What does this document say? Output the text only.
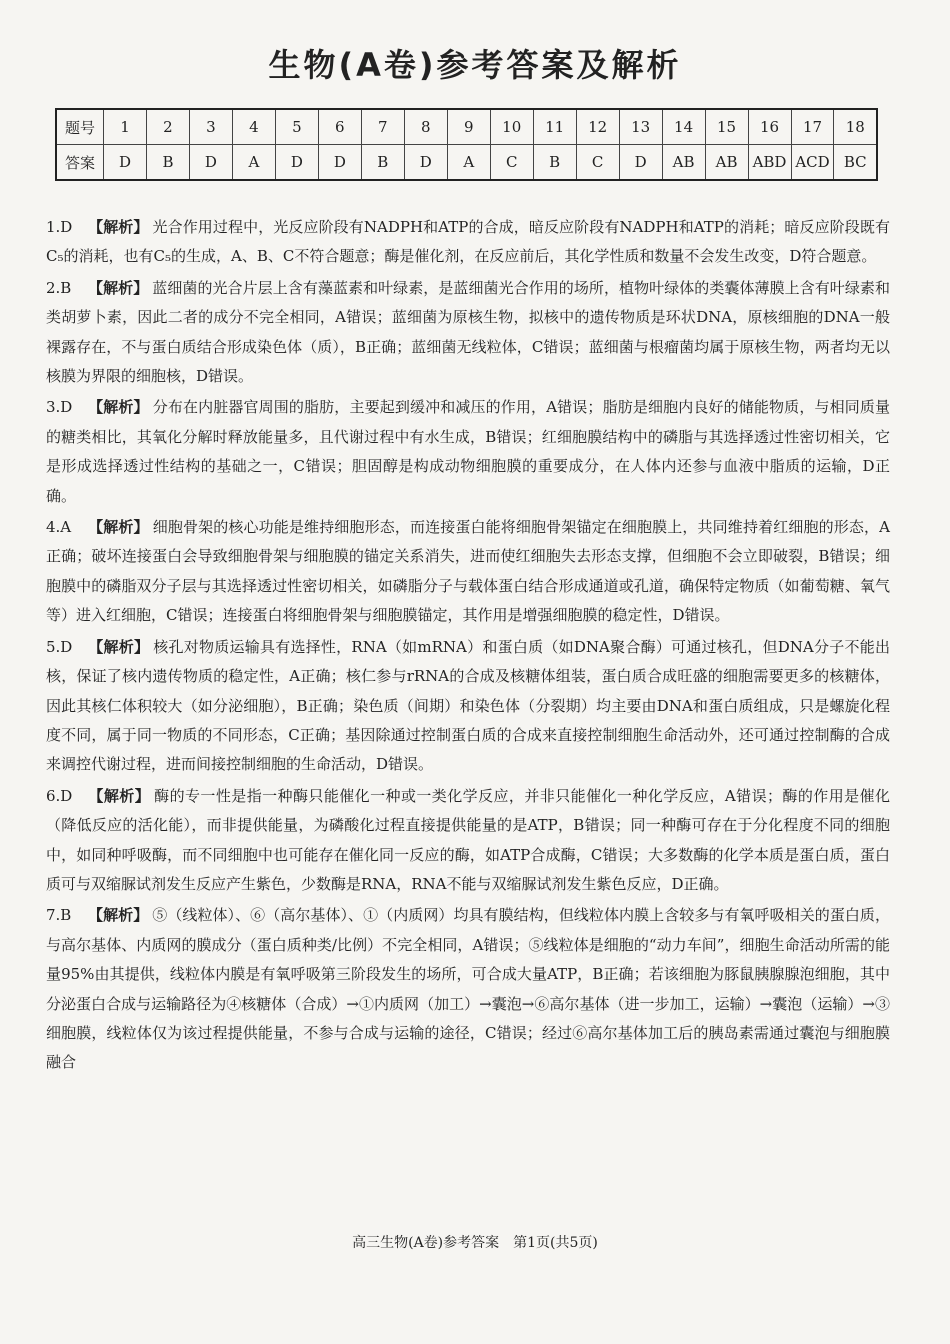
生物(A卷)参考答案及解析
题号	1	2	3	4	5	6	7	8	9	10	11	12	13	14	15	16	17	18
答案	D	B	D	A	D	D	B	D	A	C	B	C	D	AB	AB	ABD	ACD	BC

1.D 【解析】 光合作用过程中，光反应阶段有NADPH和ATP的合成，暗反应阶段有NADPH和ATP的消耗；暗反应阶段既有C₅的消耗，也有C₅的生成，A、B、C不符合题意；酶是催化剂，在反应前后，其化学性质和数量不会发生改变，D符合题意。

2.B 【解析】 蓝细菌的光合片层上含有藻蓝素和叶绿素，是蓝细菌光合作用的场所，植物叶绿体的类囊体薄膜上含有叶绿素和类胡萝卜素，因此二者的成分不完全相同，A错误；蓝细菌为原核生物，拟核中的遗传物质是环状DNA，原核细胞的DNA一般裸露存在，不与蛋白质结合形成染色体（质），B正确；蓝细菌无线粒体，C错误；蓝细菌与根瘤菌均属于原核生物，两者均无以核膜为界限的细胞核，D错误。

3.D 【解析】 分布在内脏器官周围的脂肪，主要起到缓冲和减压的作用，A错误；脂肪是细胞内良好的储能物质，与相同质量的糖类相比，其氧化分解时释放能量多，且代谢过程中有水生成，B错误；红细胞膜结构中的磷脂与其选择透过性密切相关，它是形成选择透过性结构的基础之一，C错误；胆固醇是构成动物细胞膜的重要成分，在人体内还参与血液中脂质的运输，D正确。

4.A 【解析】 细胞骨架的核心功能是维持细胞形态，而连接蛋白能将细胞骨架锚定在细胞膜上，共同维持着红细胞的形态，A正确；破坏连接蛋白会导致细胞骨架与细胞膜的锚定关系消失，进而使红细胞失去形态支撑，但细胞不会立即破裂，B错误；细胞膜中的磷脂双分子层与其选择透过性密切相关，如磷脂分子与载体蛋白结合形成通道或孔道，确保特定物质（如葡萄糖、氧气等）进入红细胞，C错误；连接蛋白将细胞骨架与细胞膜锚定，其作用是增强细胞膜的稳定性，D错误。

5.D 【解析】 核孔对物质运输具有选择性，RNA（如mRNA）和蛋白质（如DNA聚合酶）可通过核孔，但DNA分子不能出核，保证了核内遗传物质的稳定性，A正确；核仁参与rRNA的合成及核糖体组装，蛋白质合成旺盛的细胞需要更多的核糖体，因此其核仁体积较大（如分泌细胞），B正确；染色质（间期）和染色体（分裂期）均主要由DNA和蛋白质组成，只是螺旋化程度不同，属于同一物质的不同形态，C正确；基因除通过控制蛋白质的合成来直接控制细胞生命活动外，还可通过控制酶的合成来调控代谢过程，进而间接控制细胞的生命活动，D错误。

6.D 【解析】 酶的专一性是指一种酶只能催化一种或一类化学反应，并非只能催化一种化学反应，A错误；酶的作用是催化（降低反应的活化能），而非提供能量，为磷酸化过程直接提供能量的是ATP，B错误；同一种酶可存在于分化程度不同的细胞中，如同种呼吸酶，而不同细胞中也可能存在催化同一反应的酶，如ATP合成酶，C错误；大多数酶的化学本质是蛋白质，蛋白质可与双缩脲试剂发生反应产生紫色，少数酶是RNA，RNA不能与双缩脲试剂发生紫色反应，D正确。

7.B 【解析】 ⑤（线粒体）、⑥（高尔基体）、①（内质网）均具有膜结构，但线粒体内膜上含较多与有氧呼吸相关的蛋白质，与高尔基体、内质网的膜成分（蛋白质种类/比例）不完全相同，A错误；⑤线粒体是细胞的“动力车间”，细胞生命活动所需的能量95%由其提供，线粒体内膜是有氧呼吸第三阶段发生的场所，可合成大量ATP，B正确；若该细胞为豚鼠胰腺腺泡细胞，其中分泌蛋白合成与运输路径为④核糖体（合成）→①内质网（加工）→囊泡→⑥高尔基体（进一步加工，运输）→囊泡（运输）→③细胞膜，线粒体仅为该过程提供能量，不参与合成与运输的途径，C错误；经过⑥高尔基体加工后的胰岛素需通过囊泡与细胞膜融合

高三生物(A卷)参考答案　第1页(共5页)
